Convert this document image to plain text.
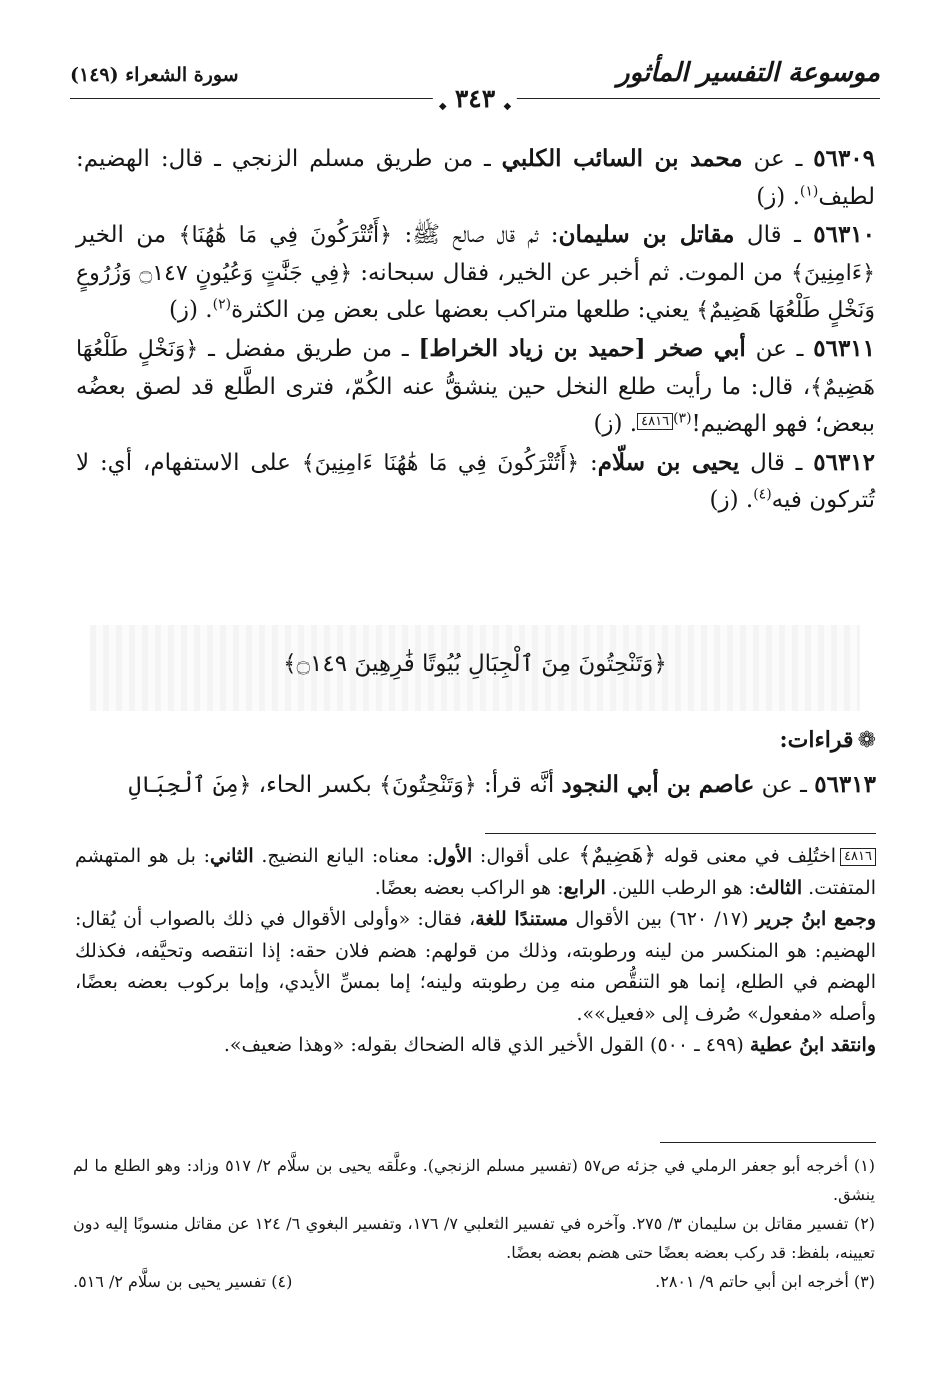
موسوعة التفسير المأثور
سورة الشعراء (١٤٩)
◆ ٣٤٣ ◆

٥٦٣٠٩ ـ عن محمد بن السائب الكلبي ـ من طريق مسلم الزنجي ـ قال: الهضيم: لطيف$^{(١)}$. (ز)

٥٦٣١٠ ـ قال مقاتل بن سليمان: ثم قال صالح ﷺ: ﴿أَتُتْرَكُونَ فِي مَا هَٰهُنَا﴾ من الخير ﴿ءَامِنِينَ﴾ من الموت. ثم أخبر عن الخير، فقال سبحانه: ﴿فِي جَنَّٰتٍ وَعُيُونٍ ۝١٤٧ وَزُرُوعٍ وَنَخْلٍ طَلْعُهَا هَضِيمٌ﴾ يعني: طلعها متراكب بعضها على بعض مِن الكثرة$^{(٢)}$. (ز)

٥٦٣١١ ـ عن أبي صخر [حميد بن زياد الخراط] ـ من طريق مفضل ـ ﴿وَنَخْلٍ طَلْعُهَا هَضِيمٌ﴾، قال: ما رأيت طلع النخل حين ينشقُّ عنه الكُمّ، فترى الطَّلع قد لصق بعضُه ببعض؛ فهو الهضيم!$^{(٣)}$٤٨١٦. (ز)

٥٦٣١٢ ـ قال يحيى بن سلّام: ﴿أَتُتْرَكُونَ فِي مَا هَٰهُنَا ءَامِنِينَ﴾ على الاستفهام، أي: لا تُتركون فيه$^{(٤)}$. (ز)

﴿وَتَنْحِتُونَ مِنَ ٱلْجِبَالِ بُيُوتًا فَٰرِهِينَ ۝١٤٩﴾
❁قراءات:
٥٦٣١٣ ـ عن عاصم بن أبي النجود أنَّه قرأ: ﴿وَتَنْحِتُونَ﴾ بكسر الحاء، ﴿مِنَ ٱلْجِبَالِ

٤٨١٦اختُلِف في معنى قوله ﴿هَضِيمٌ﴾ على أقوال: الأول: معناه: اليانع النضيج. الثاني: بل هو المتهشم المتفتت. الثالث: هو الرطب اللين. الرابع: هو الراكب بعضه بعضًا.

وجمع ابنُ جرير (١٧/ ٦٢٠) بين الأقوال مستندًا للغة، فقال: «وأولى الأقوال في ذلك بالصواب أن يُقال: الهضيم: هو المنكسر من لينه ورطوبته، وذلك من قولهم: هضم فلان حقه: إذا انتقصه وتحيَّفه، فكذلك الهضم في الطلع، إنما هو التنقُّص منه مِن رطوبته ولينه؛ إما بمسِّ الأيدي، وإما بركوب بعضه بعضًا، وأصله «مفعول» صُرف إلى «فعيل»».

وانتقد ابنُ عطية (٤٩٩ ـ ٥٠٠) القول الأخير الذي قاله الضحاك بقوله: «وهذا ضعيف».

(١) أخرجه أبو جعفر الرملي في جزئه ص٥٧ (تفسير مسلم الزنجي). وعلَّقه يحيى بن سلَّام ٢/ ٥١٧ وزاد: وهو الطلع ما لم ينشق.

(٢) تفسير مقاتل بن سليمان ٣/ ٢٧٥. وآخره في تفسير الثعلبي ٧/ ١٧٦، وتفسير البغوي ٦/ ١٢٤ عن مقاتل منسوبًا إليه دون تعيينه، بلفظ: قد ركب بعضه بعضًا حتى هضم بعضه بعضًا.

(٣) أخرجه ابن أبي حاتم ٩/ ٢٨٠١.
(٤) تفسير يحيى بن سلَّام ٢/ ٥١٦.
